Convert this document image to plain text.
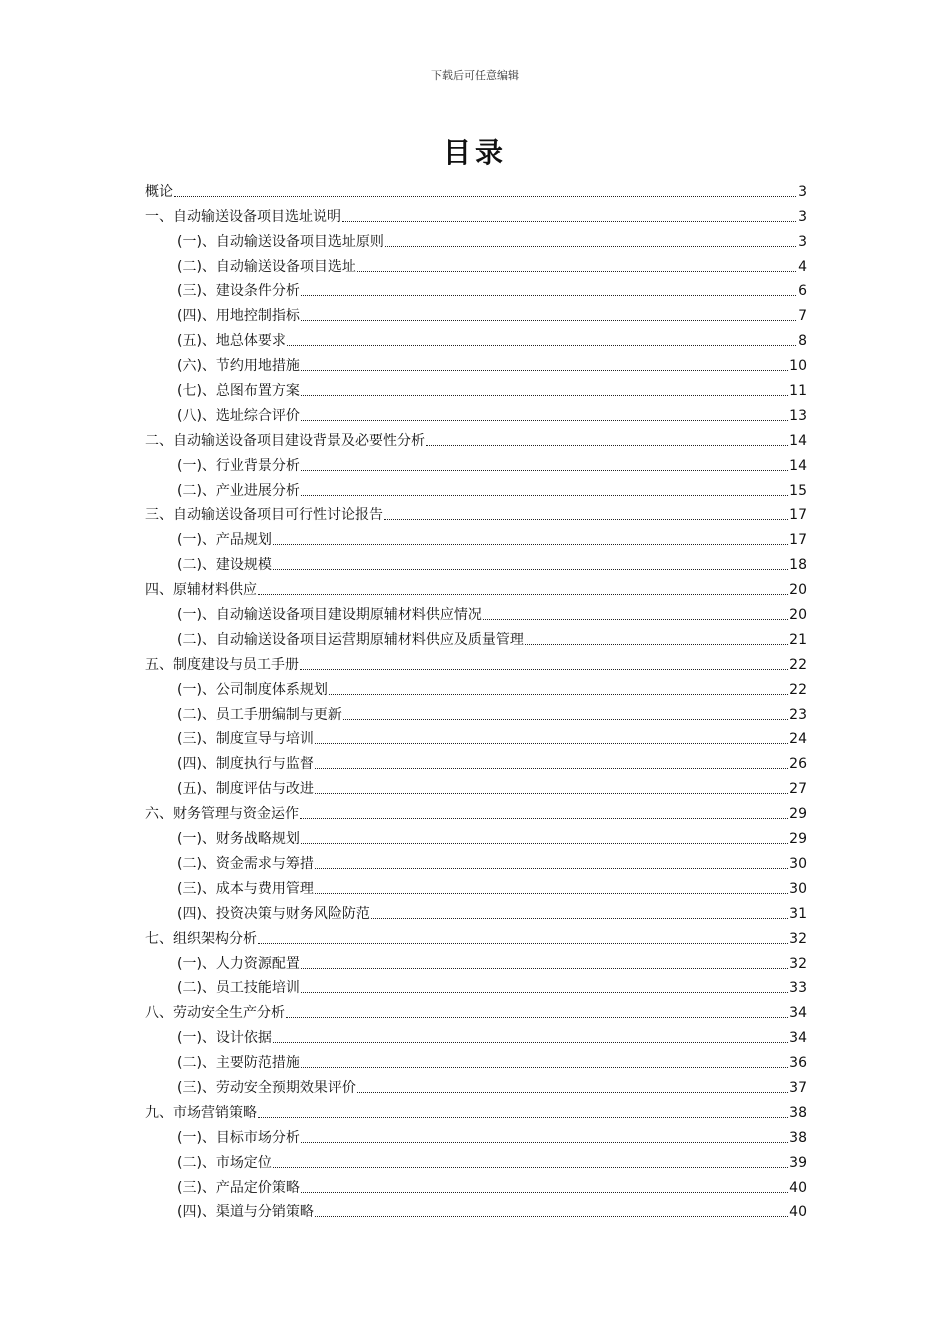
下载后可任意编辑
目录
概论	3
一、自动输送设备项目选址说明	3
(一)、自动输送设备项目选址原则	3
(二)、自动输送设备项目选址	4
(三)、建设条件分析	6
(四)、用地控制指标	7
(五)、地总体要求	8
(六)、节约用地措施	10
(七)、总图布置方案	11
(八)、选址综合评价	13
二、自动输送设备项目建设背景及必要性分析	14
(一)、行业背景分析	14
(二)、产业进展分析	15
三、自动输送设备项目可行性讨论报告	17
(一)、产品规划	17
(二)、建设规模	18
四、原辅材料供应	20
(一)、自动输送设备项目建设期原辅材料供应情况	20
(二)、自动输送设备项目运营期原辅材料供应及质量管理	21
五、制度建设与员工手册	22
(一)、公司制度体系规划	22
(二)、员工手册编制与更新	23
(三)、制度宣导与培训	24
(四)、制度执行与监督	26
(五)、制度评估与改进	27
六、财务管理与资金运作	29
(一)、财务战略规划	29
(二)、资金需求与筹措	30
(三)、成本与费用管理	30
(四)、投资决策与财务风险防范	31
七、组织架构分析	32
(一)、人力资源配置	32
(二)、员工技能培训	33
八、劳动安全生产分析	34
(一)、设计依据	34
(二)、主要防范措施	36
(三)、劳动安全预期效果评价	37
九、市场营销策略	38
(一)、目标市场分析	38
(二)、市场定位	39
(三)、产品定价策略	40
(四)、渠道与分销策略	40
